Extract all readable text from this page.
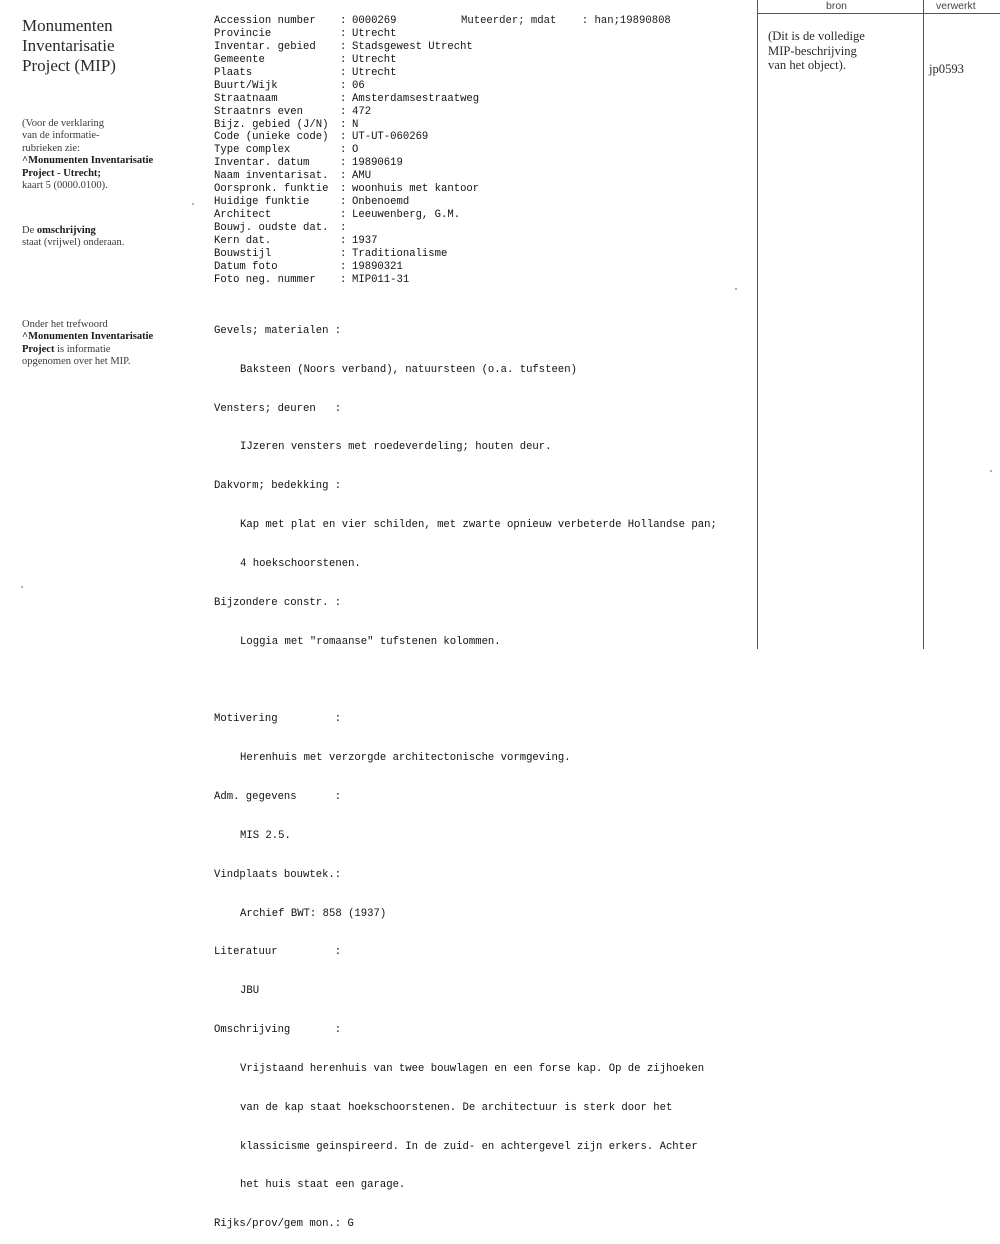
Monumenten
Inventarisatie
Project (MIP)
(Voor de verklaring
van de informatie-
rubrieken zie:
^Monumenten Inventarisatie
Project - Utrecht;
kaart 5 (0000.0100).
De omschrijving
staat (vrijwel) onderaan.
Onder het trefwoord
^Monumenten Inventarisatie
Project is informatie
opgenomen over het MIP.
Muteerder; mdat    : han;19890808
Accession number : 0000269
Provincie	: Utrecht
Inventar. gebied : Stadsgewest Utrecht
Gemeente	: Utrecht
Plaats	: Utrecht
Buurt/Wijk	: 06
Straatnaam	: Amsterdamsestraatweg
Straatnrs even	: 472
Bijz. gebied (J/N) : N
Code (unieke code) : UT-UT-060269
Type complex	: O
Inventar. datum	: 19890619
Naam inventarisat. : AMU
Oorspronk. funktie : woonhuis met kantoor
Huidige funktie	: Onbenoemd
Architect	: Leeuwenberg, G.M.
Bouwj. oudste dat. :
Kern dat.	: 1937
Bouwstijl	: Traditionalisme
Datum foto	: 19890321
Foto neg. nummer : MIP011-31

Gevels; materialen :

Baksteen (Noors verband), natuursteen (o.a. tufsteen)

Vensters; deuren   :

IJzeren vensters met roedeverdeling; houten deur.

Dakvorm; bedekking :

Kap met plat en vier schilden, met zwarte opnieuw verbeterde Hollandse pan;

4 hoekschoorstenen.

Bijzondere constr. :

Loggia met "romaanse" tufstenen kolommen.

Motivering         :

Herenhuis met verzorgde architectonische vormgeving.

Adm. gegevens      :

MIS 2.5.

Vindplaats bouwtek.:

Archief BWT: 858 (1937)

Literatuur         :

JBU

Omschrijving       :

Vrijstaand herenhuis van twee bouwlagen en een forse kap. Op de zijhoeken

van de kap staat hoekschoorstenen. De architectuur is sterk door het

klassicisme geinspireerd. In de zuid- en achtergevel zijn erkers. Achter

het huis staat een garage.

Rijks/prov/gem mon.: G

bron	verwerkt
(Dit is de volledige
MIP-beschrijving
van het object).	jp0593
